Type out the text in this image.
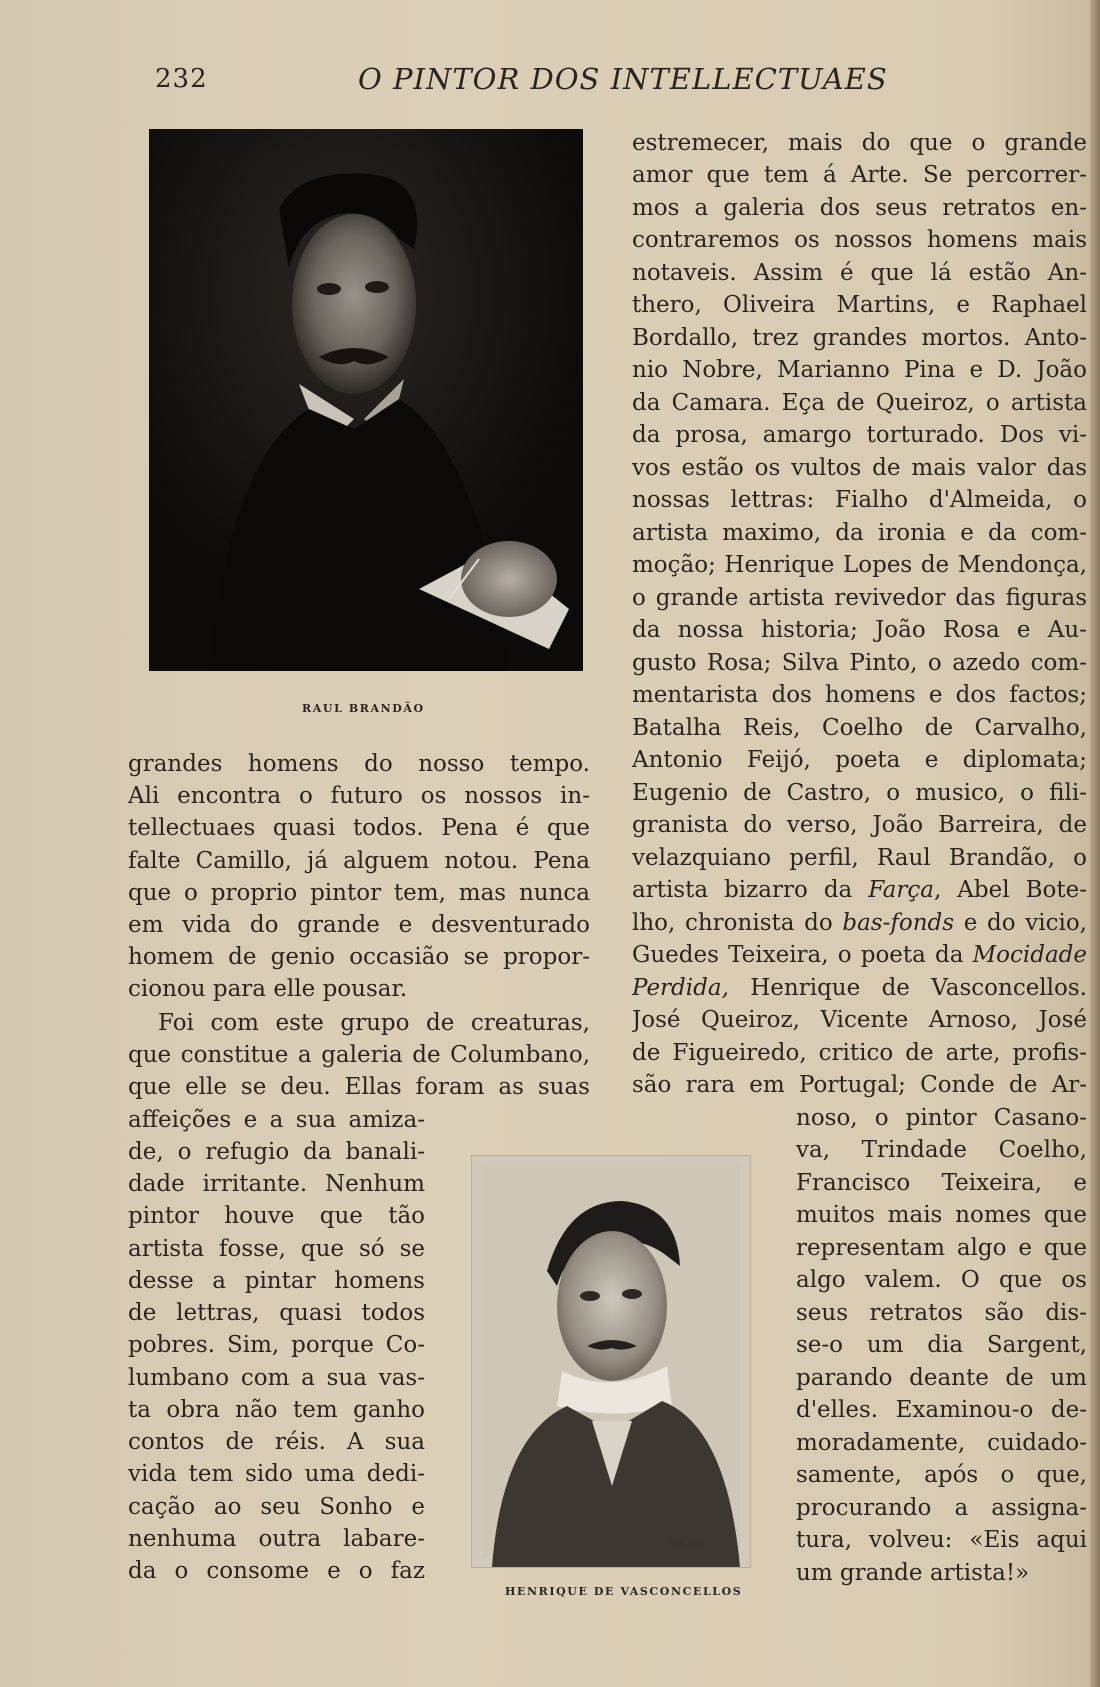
232	O PINTOR DOS INTELLECTUAES
RAUL BRANDÃO
Rm.gar
HENRIQUE DE VASCONCELLOS
grandes homens do nosso tempo.
Ali encontra o futuro os nossos in-
tellectuaes quasi todos. Pena é que
falte Camillo, já alguem notou. Pena
que o proprio pintor tem, mas nunca
em vida do grande e desventurado
homem de genio occasião se propor-
cionou para elle pousar.
Foi com este grupo de creaturas,
que constitue a galeria de Columbano,
que elle se deu. Ellas foram as suas
affeições e a sua amiza-
de, o refugio da banali-
dade irritante. Nenhum
pintor houve que tão
artista fosse, que só se
desse a pintar homens
de lettras, quasi todos
pobres. Sim, porque Co-
lumbano com a sua vas-
ta obra não tem ganho
contos de réis. A sua
vida tem sido uma dedi-
cação ao seu Sonho e
nenhuma outra labare-
da o consome e o faz
estremecer, mais do que o grande
amor que tem á Arte. Se percorrer-
mos a galeria dos seus retratos en-
contraremos os nossos homens mais
notaveis. Assim é que lá estão An-
thero, Oliveira Martins, e Raphael
Bordallo, trez grandes mortos. Anto-
nio Nobre, Marianno Pina e D. João
da Camara. Eça de Queiroz, o artista
da prosa, amargo torturado. Dos vi-
vos estão os vultos de mais valor das
nossas lettras: Fialho d'Almeida, o
artista maximo, da ironia e da com-
moção; Henrique Lopes de Mendonça,
o grande artista revivedor das figuras
da nossa historia; João Rosa e Au-
gusto Rosa; Silva Pinto, o azedo com-
mentarista dos homens e dos factos;
Batalha Reis, Coelho de Carvalho,
Antonio Feijó, poeta e diplomata;
Eugenio de Castro, o musico, o fili-
granista do verso, João Barreira, de
velazquiano perfil, Raul Brandão, o
artista bizarro da Farça, Abel Bote-
lho, chronista do bas-fonds e do vicio,
Guedes Teixeira, o poeta da Mocidade
Perdida, Henrique de Vasconcellos.
José Queiroz, Vicente Arnoso, José
de Figueiredo, critico de arte, profis-
são rara em Portugal; Conde de Ar-
noso, o pintor Casano-
va, Trindade Coelho,
Francisco Teixeira, e
muitos mais nomes que
representam algo e que
algo valem. O que os
seus retratos são dis-
se-o um dia Sargent,
parando deante de um
d'elles. Examinou-o de-
moradamente, cuidado-
samente, após o que,
procurando a assigna-
tura, volveu: «Eis aqui
um grande artista!»
